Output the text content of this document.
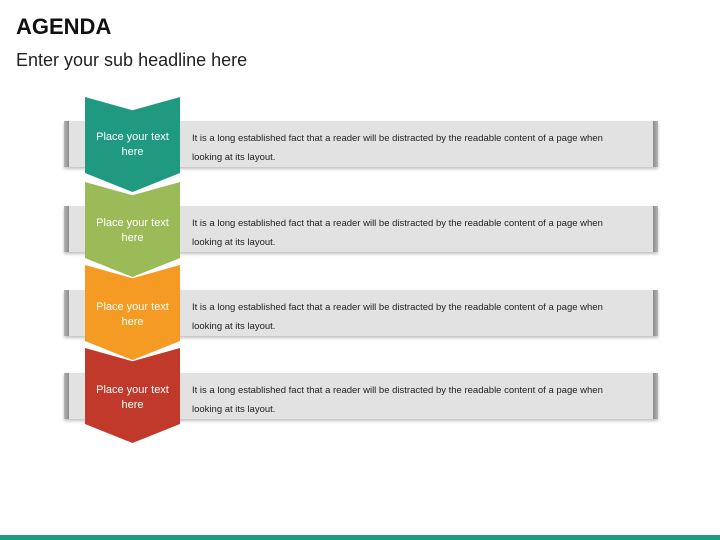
AGENDA
Enter your sub headline here
It is a long established fact that a reader will be distracted by the readable content of a page when looking at its layout.
It is a long established fact that a reader will be distracted by the readable content of a page when looking at its layout.
It is a long established fact that a reader will be distracted by the readable content of a page when looking at its layout.
It is a long established fact that a reader will be distracted by the readable content of a page when looking at its layout.
Place your text here
Place your text here
Place your text here
Place your text here
